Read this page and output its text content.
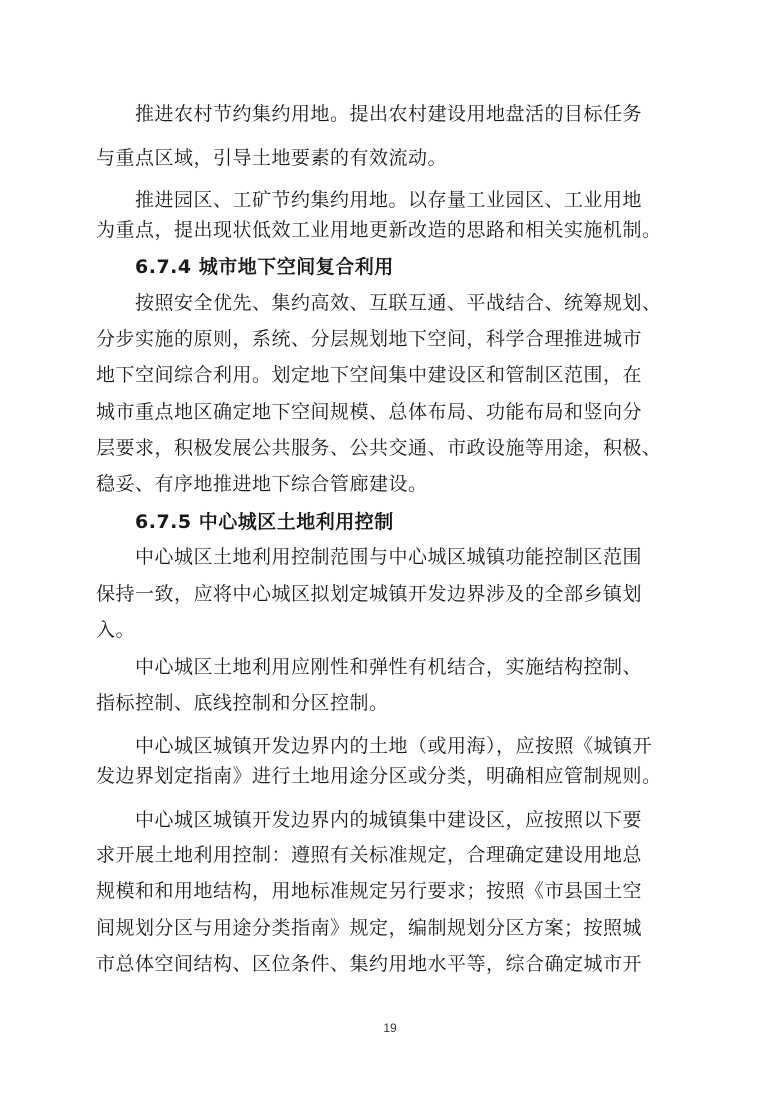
　　推进农村节约集约用地。提出农村建设用地盘活的目标任务
与重点区域，引导土地要素的有效流动。
　　推进园区、工矿节约集约用地。以存量工业园区、工业用地
为重点，提出现状低效工业用地更新改造的思路和相关实施机制。
　　6.7.4 城市地下空间复合利用
　　按照安全优先、集约高效、互联互通、平战结合、统筹规划、
分步实施的原则，系统、分层规划地下空间，科学合理推进城市
地下空间综合利用。划定地下空间集中建设区和管制区范围，在
城市重点地区确定地下空间规模、总体布局、功能布局和竖向分
层要求，积极发展公共服务、公共交通、市政设施等用途，积极、
稳妥、有序地推进地下综合管廊建设。
　　6.7.5 中心城区土地利用控制
　　中心城区土地利用控制范围与中心城区城镇功能控制区范围
保持一致，应将中心城区拟划定城镇开发边界涉及的全部乡镇划
入。
　　中心城区土地利用应刚性和弹性有机结合，实施结构控制、
指标控制、底线控制和分区控制。
　　中心城区城镇开发边界内的土地（或用海），应按照《城镇开
发边界划定指南》进行土地用途分区或分类，明确相应管制规则。
　　中心城区城镇开发边界内的城镇集中建设区，应按照以下要
求开展土地利用控制：遵照有关标准规定，合理确定建设用地总
规模和和用地结构，用地标准规定另行要求；按照《市县国土空
间规划分区与用途分类指南》规定，编制规划分区方案；按照城
市总体空间结构、区位条件、集约用地水平等，综合确定城市开
19
